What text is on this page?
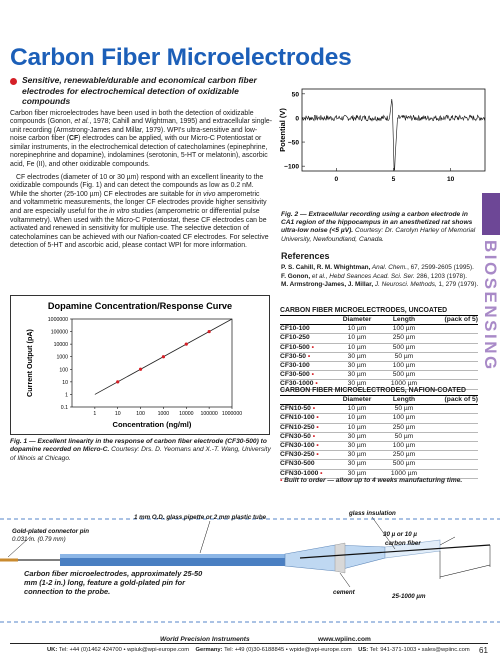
Carbon Fiber Microelectrodes
Sensitive, renewable/durable and economical carbon fiber electrodes for electrochemical detection of oxidizable compounds

Carbon fiber microelectrodes have been used in both the detection of oxidizable compounds (Gonon, et al., 1978; Cahill and Wightman, 1995) and extracellular single-unit recording (Armstrong-James and Millar, 1979). WPI's ultra-sensitive and low-noise carbon fiber (CF) electrodes can be applied, with our Micro-C Potentiostat or similar instruments, in the electrochemical detection of catecholamines (epinephrine, norepinephrine and dopamine), indolamines (serotonin, 5-HT or melatonin), ascorbic acid, Fe (II), and other oxidizable compounds.

CF electrodes (diameter of 10 or 30 µm) respond with an excellent linearity to the oxidizable compounds (Fig. 1) and can detect the compounds as low as 0.2 nM. While the shorter (25-100 µm) CF electrodes are suitable for in vivo amperometric and voltammetric measurements, the longer CF electrodes provide higher sensitivity and are especially useful for the in vitro studies (amperometric or differential pulse voltammetry). When used with the Micro-C Potentiostat, these CF electrodes can be activated and renewed in sensitivity for multiple use. The selective detection of catecholamines can be achieved with our Nafion-coated CF electrodes. For selective detection of 5-HT and ascorbic acid, please contact WPI for more information.

50
0
−50
−100
0	5	10
Potential (V)
Fig. 2 — Extracellular recording using a carbon electrode in CA1 region of the hippocampus in an anesthetized rat shows ultra-low noise (<5 µV). Courtesy: Dr. Carolyn Harley of Memorial University, Newfoundland, Canada.
References
P. S. Cahill, R. M. Whightman, Anal. Chem., 67, 2599-2605 (1995).
F. Gonon, et al., Hebd Seances Acad. Sci. Ser. 286, 1203 (1978).
M. Armstrong-James, J. Millar, J. Neurosci. Methods, 1, 279 (1979). BIOSENSING
Dopamine Concentration/Response Curve
0.1
1
10
100
1000
10000
100000
1000000
1	10	100 1000 10000 100000 1000000
Concentration (ng/ml)
Current Output (pA)
Fig. 1 — Excellent linearity in the response of carbon fiber electrode (CF30-500) to dopamine recorded on Micro-C. Courtesy: Drs. D. Yeomans and X.-T. Wang, University of Illinois at Chicago.
CARBON FIBER MICROELECTRODES, UNCOATED
Diameter	Length	(pack of 5)
CF10-100	10 µm	100 µm
CF10-250	10 µm	250 µm
CF10-500 •	10 µm	500 µm
CF30-50 •	30 µm	50 µm
CF30-100	30 µm	100 µm
CF30-500 •	30 µm	500 µm
CF30-1000 •	30 µm	1000 µm
CARBON FIBER MICROELECTRODES, NAFION-COATED
Diameter	Length	(pack of 5)
CFN10-50 •	10 µm	50 µm
CFN10-100 •	10 µm	100 µm
CFN10-250 •	10 µm	250 µm
CFN30-50 •	30 µm	50 µm
CFN30-100 •	30 µm	100 µm
CFN30-250 •	30 µm	250 µm
CFN30-500	30 µm	500 µm
CFN30-1000 •	30 µm	1000 µm
• Built to order — allow up to 4 weeks manufacturing time.
1 mm O.D. glass pipette or 2 mm plastic tube
Gold-plated connector pin
0.031 in. (0.79 mm)
Carbon fiber microelectrodes, approximately 25-50 mm (1-2 in.) long, feature a gold-plated pin for connection to the probe.
glass insulation
30 µ or 10 µ
carbon fiber
cement
25-1000 µm
World Precision Instruments	www.wpiinc.com
UK: Tel: +44 (0)1462 424700 • wpiuk@wpi-europe.com Germany: Tel: +49 (0)30-6188845 • wpide@wpi-europe.com US: Tel: 941-371-1003 • sales@wpiinc.com 61
